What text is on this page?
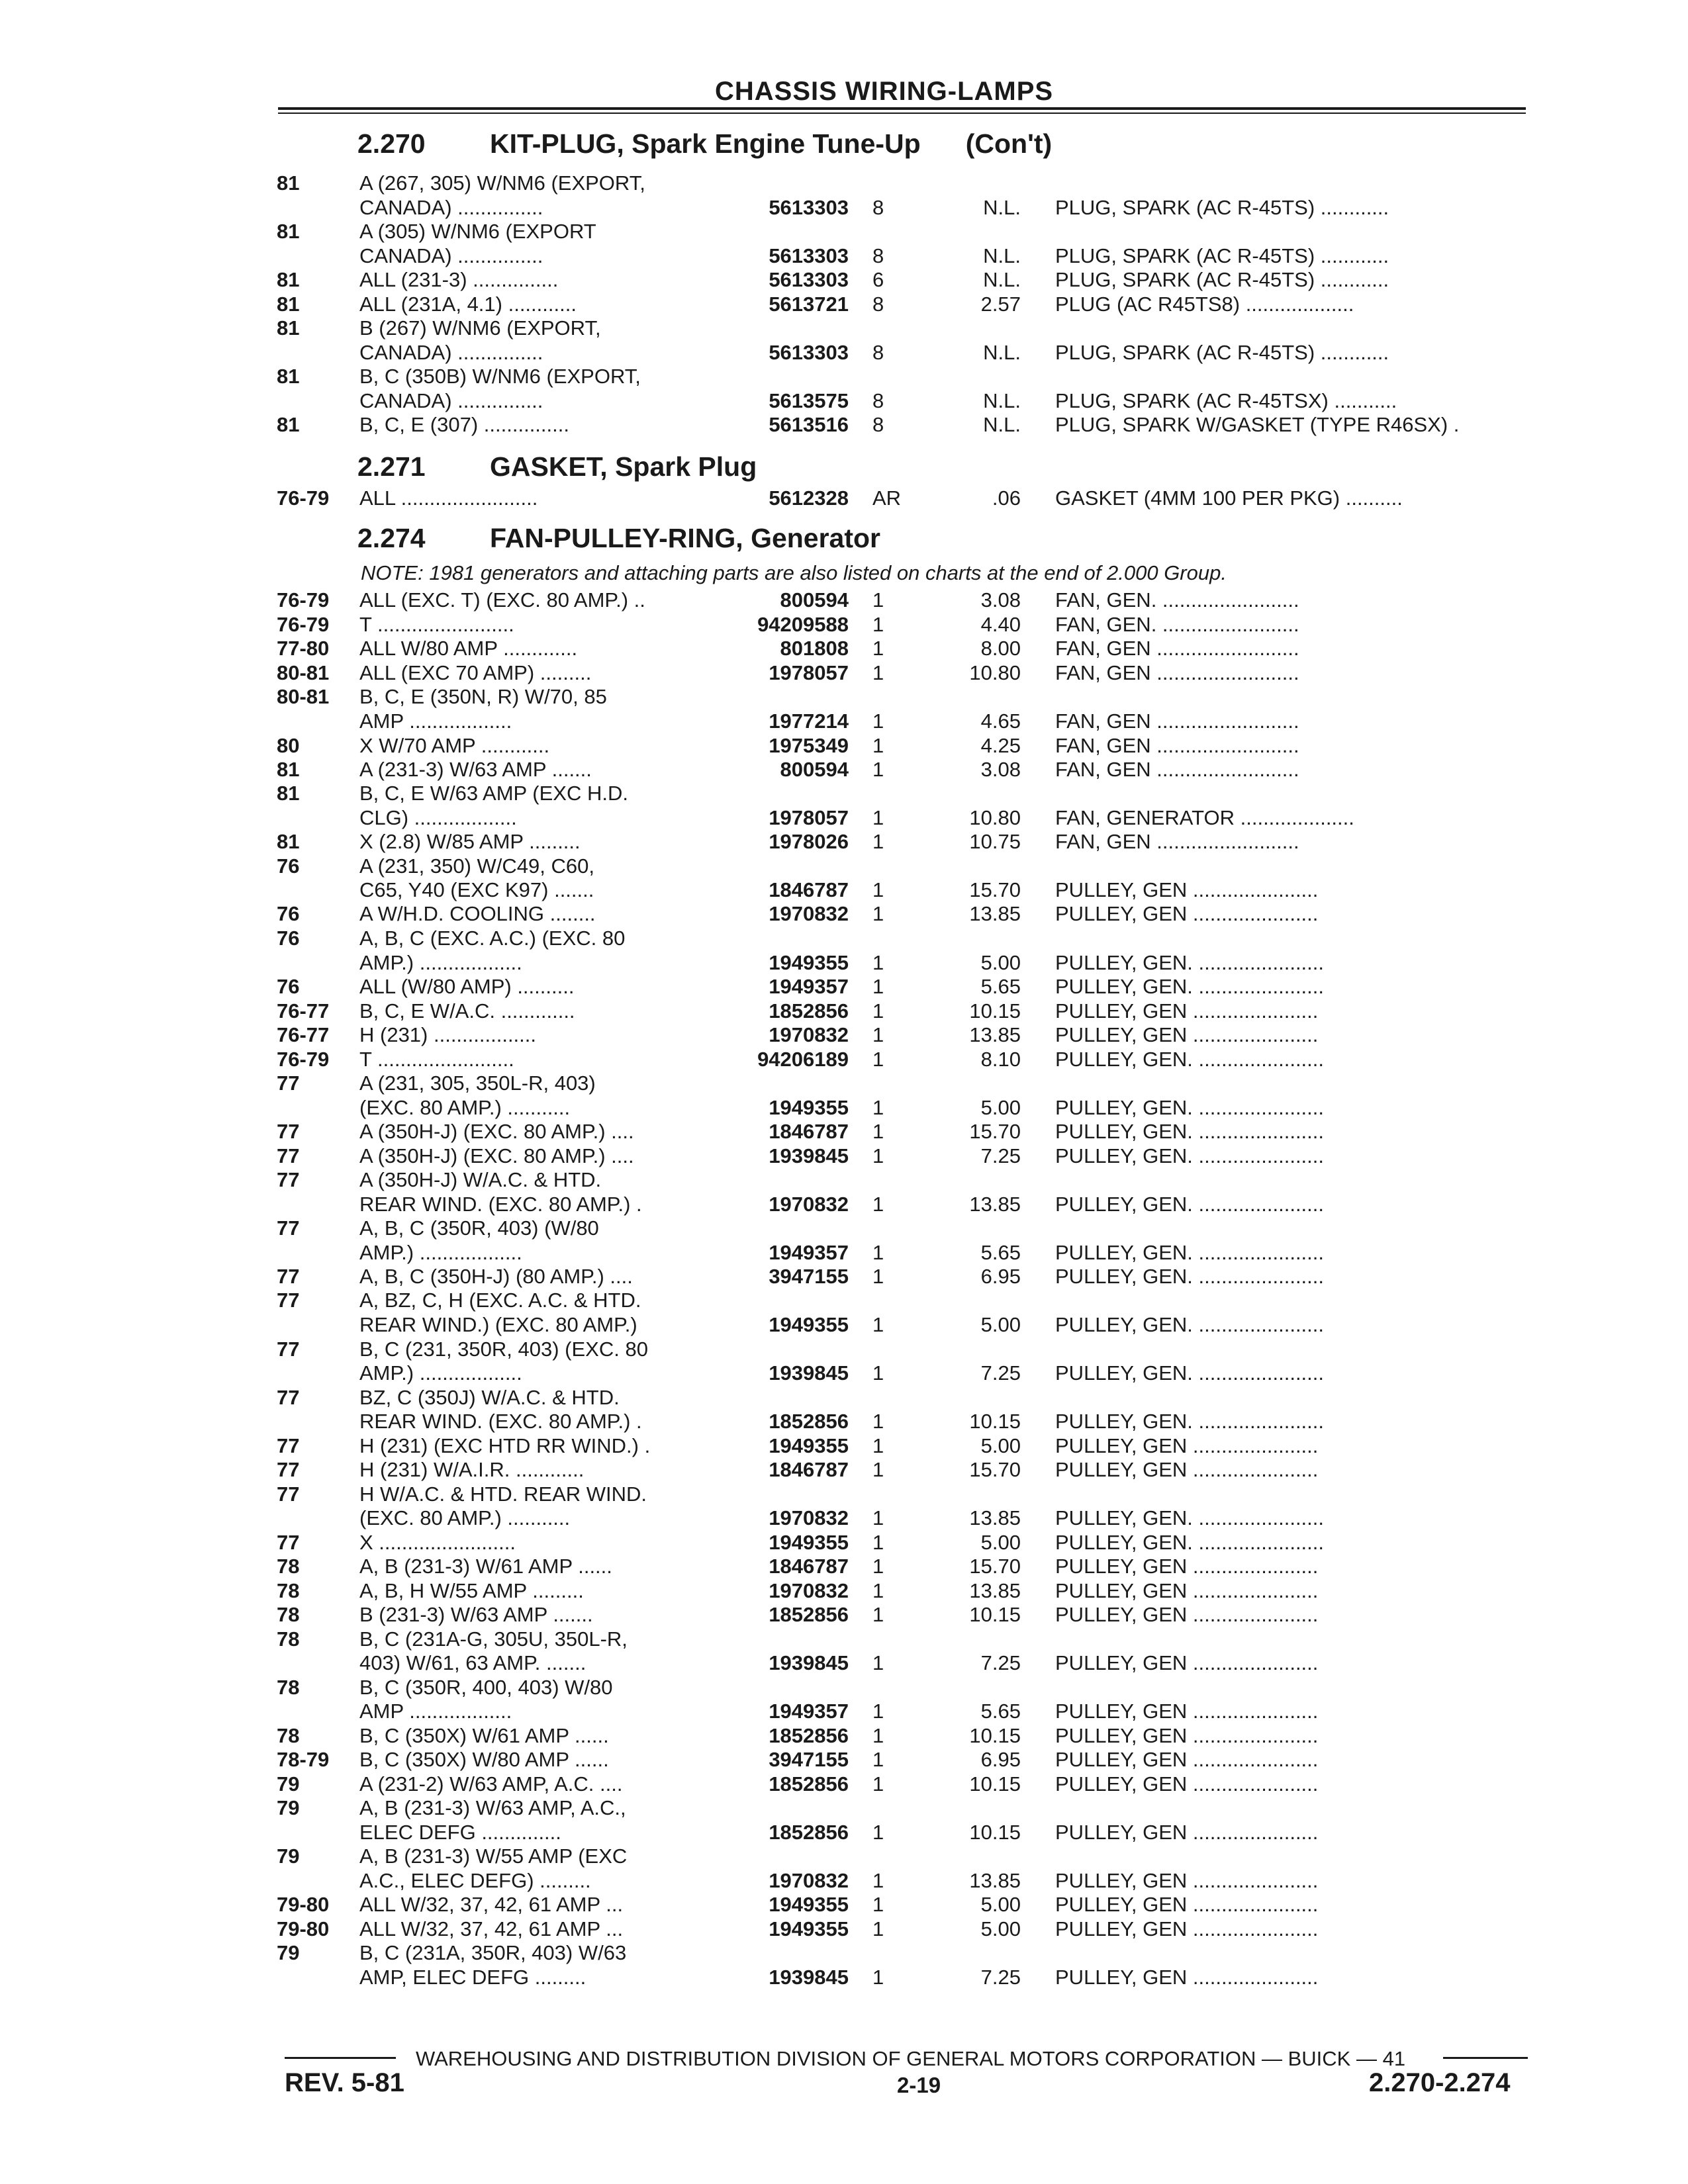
CHASSIS WIRING-LAMPS
2.270 KIT-PLUG, Spark Engine Tune-Up (Con't)
2.271 GASKET, Spark Plug
2.274 FAN-PULLEY-RING, Generator
NOTE: 1981 generators and attaching parts are also listed on charts at the end of 2.000 Group.
81	A (267, 305) W/NM6 (EXPORT,
CANADA) ...............	5613303 8	N.L. PLUG, SPARK (AC R-45TS) ............
81	A (305) W/NM6 (EXPORT
CANADA) ...............	5613303 8	N.L. PLUG, SPARK (AC R-45TS) ............
81	ALL (231-3) ...............	5613303 6	N.L. PLUG, SPARK (AC R-45TS) ............
81	ALL (231A, 4.1) ............	5613721 8	2.57 PLUG (AC R45TS8) ...................
81	B (267) W/NM6 (EXPORT,
CANADA) ...............	5613303 8	N.L. PLUG, SPARK (AC R-45TS) ............
81	B, C (350B) W/NM6 (EXPORT,
CANADA) ...............	5613575 8	N.L. PLUG, SPARK (AC R-45TSX) ...........
81	B, C, E (307) ...............	5613516 8	N.L. PLUG, SPARK W/GASKET (TYPE R46SX) .
76-79 ALL ........................	5612328 AR	.06 GASKET (4MM 100 PER PKG) ..........
76-79 ALL (EXC. T) (EXC. 80 AMP.) ..	800594 1	3.08 FAN, GEN. ........................
76-79 T ........................	94209588 1	4.40 FAN, GEN. ........................
77-80 ALL W/80 AMP .............	801808 1	8.00 FAN, GEN .........................
80-81 ALL (EXC 70 AMP) .........	1978057 1	10.80 FAN, GEN .........................
80-81 B, C, E (350N, R) W/70, 85
AMP ..................	1977214 1	4.65 FAN, GEN .........................
80	X W/70 AMP ............	1975349 1	4.25 FAN, GEN .........................
81	A (231-3) W/63 AMP .......	800594 1	3.08 FAN, GEN .........................
81	B, C, E W/63 AMP (EXC H.D.
CLG) ..................	1978057 1	10.80 FAN, GENERATOR ....................
81	X (2.8) W/85 AMP .........	1978026 1	10.75 FAN, GEN .........................
76	A (231, 350) W/C49, C60,
C65, Y40 (EXC K97) .......	1846787 1	15.70 PULLEY, GEN ......................
76	A W/H.D. COOLING ........	1970832 1	13.85 PULLEY, GEN ......................
76	A, B, C (EXC. A.C.) (EXC. 80
AMP.) ..................	1949355 1	5.00 PULLEY, GEN. ......................
76	ALL (W/80 AMP) ..........	1949357 1	5.65 PULLEY, GEN. ......................
76-77 B, C, E W/A.C. .............	1852856 1	10.15 PULLEY, GEN ......................
76-77 H (231) ..................	1970832 1	13.85 PULLEY, GEN ......................
76-79 T ........................	94206189 1	8.10 PULLEY, GEN. ......................
77	A (231, 305, 350L-R, 403)
(EXC. 80 AMP.) ...........	1949355 1	5.00 PULLEY, GEN. ......................
77	A (350H-J) (EXC. 80 AMP.) ....	1846787 1	15.70 PULLEY, GEN. ......................
77	A (350H-J) (EXC. 80 AMP.) ....	1939845 1	7.25 PULLEY, GEN. ......................
77	A (350H-J) W/A.C. & HTD.
REAR WIND. (EXC. 80 AMP.) .	1970832 1	13.85 PULLEY, GEN. ......................
77	A, B, C (350R, 403) (W/80
AMP.) ..................	1949357 1	5.65 PULLEY, GEN. ......................
77	A, B, C (350H-J) (80 AMP.) ....	3947155 1	6.95 PULLEY, GEN. ......................
77	A, BZ, C, H (EXC. A.C. & HTD.
REAR WIND.) (EXC. 80 AMP.)	1949355 1	5.00 PULLEY, GEN. ......................
77	B, C (231, 350R, 403) (EXC. 80
AMP.) ..................	1939845 1	7.25 PULLEY, GEN. ......................
77	BZ, C (350J) W/A.C. & HTD.
REAR WIND. (EXC. 80 AMP.) .	1852856 1	10.15 PULLEY, GEN. ......................
77	H (231) (EXC HTD RR WIND.) .	1949355 1	5.00 PULLEY, GEN ......................
77	H (231) W/A.I.R. ............	1846787 1	15.70 PULLEY, GEN ......................
77	H W/A.C. & HTD. REAR WIND.
(EXC. 80 AMP.) ...........	1970832 1	13.85 PULLEY, GEN. ......................
77	X ........................	1949355 1	5.00 PULLEY, GEN. ......................
78	A, B (231-3) W/61 AMP ......	1846787 1	15.70 PULLEY, GEN ......................
78	A, B, H W/55 AMP .........	1970832 1	13.85 PULLEY, GEN ......................
78	B (231-3) W/63 AMP .......	1852856 1	10.15 PULLEY, GEN ......................
78	B, C (231A-G, 305U, 350L-R,
403) W/61, 63 AMP. .......	1939845 1	7.25 PULLEY, GEN ......................
78	B, C (350R, 400, 403) W/80
AMP ..................	1949357 1	5.65 PULLEY, GEN ......................
78	B, C (350X) W/61 AMP ......	1852856 1	10.15 PULLEY, GEN ......................
78-79 B, C (350X) W/80 AMP ......	3947155 1	6.95 PULLEY, GEN ......................
79	A (231-2) W/63 AMP, A.C. ....	1852856 1	10.15 PULLEY, GEN ......................
79	A, B (231-3) W/63 AMP, A.C.,
ELEC DEFG ..............	1852856 1	10.15 PULLEY, GEN ......................
79	A, B (231-3) W/55 AMP (EXC
A.C., ELEC DEFG) .........	1970832 1	13.85 PULLEY, GEN ......................
79-80 ALL W/32, 37, 42, 61 AMP ...	1949355 1	5.00 PULLEY, GEN ......................
79-80 ALL W/32, 37, 42, 61 AMP ...	1949355 1	5.00 PULLEY, GEN ......................
79	B, C (231A, 350R, 403) W/63
AMP, ELEC DEFG .........	1939845 1	7.25 PULLEY, GEN ......................
WAREHOUSING AND DISTRIBUTION DIVISION OF GENERAL MOTORS CORPORATION — BUICK — 41
REV. 5-81	2-19	2.270-2.274
